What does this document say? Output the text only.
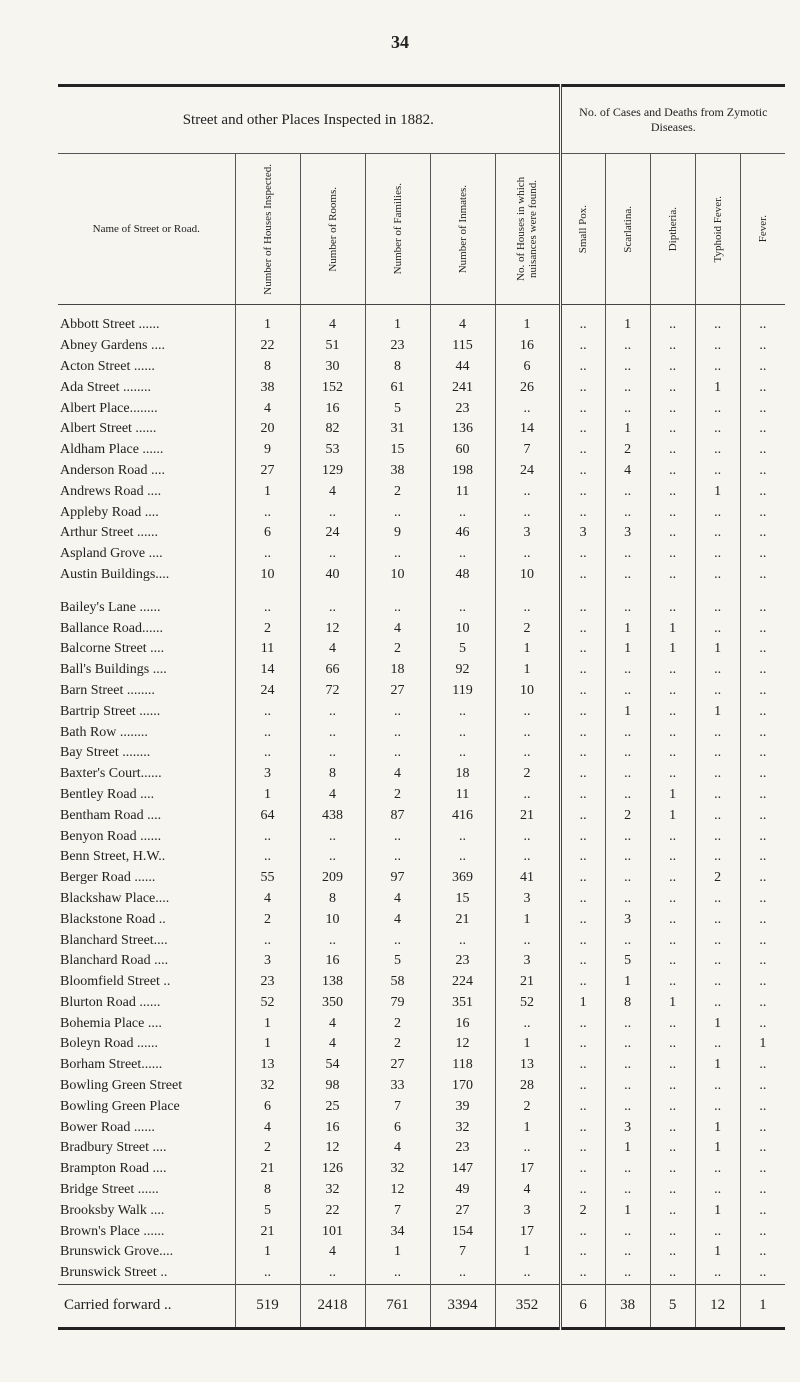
34
Street and other Places Inspected in 1882.						No. of Cases and Deaths from Zymotic Diseases.				
Name of Street or Road.	Number of Houses Inspected.	Number of Rooms.	Number of Families.	Number of Inmates.	No. of Houses in which nuisances were found.	Small Pox.	Scarlatina.	Diptheria.	Typhoid Fever.	Fever.

Abbott Street ......	1	4	1	4	1	..	1	..	..	..
Abney Gardens ....	22	51	23	115	16	..	..	..	..	..
Acton Street ......	8	30	8	44	6	..	..	..	..	..
Ada Street ........	38	152	61	241	26	..	..	..	1	..
Albert Place........	4	16	5	23	..	..	..	..	..	..
Albert Street ......	20	82	31	136	14	..	1	..	..	..
Aldham Place ......	9	53	15	60	7	..	2	..	..	..
Anderson Road ....	27	129	38	198	24	..	4	..	..	..
Andrews Road ....	1	4	2	11	..	..	..	..	1	..
Appleby Road ....	..	..	..	..	..	..	..	..	..	..
Arthur Street ......	6	24	9	46	3	3	3	..	..	..
Aspland Grove ....	..	..	..	..	..	..	..	..	..	..
Austin Buildings....	10	40	10	48	10	..	..	..	..	..
Bailey's Lane ......	..	..	..	..	..	..	..	..	..	..
Ballance Road......	2	12	4	10	2	..	1	1	..	..
Balcorne Street ....	11	4	2	5	1	..	1	1	1	..
Ball's Buildings ....	14	66	18	92	1	..	..	..	..	..
Barn Street ........	24	72	27	119	10	..	..	..	..	..
Bartrip Street ......	..	..	..	..	..	..	1	..	1	..
Bath Row ........	..	..	..	..	..	..	..	..	..	..
Bay Street ........	..	..	..	..	..	..	..	..	..	..
Baxter's Court......	3	8	4	18	2	..	..	..	..	..
Bentley Road ....	1	4	2	11	..	..	..	1	..	..
Bentham Road ....	64	438	87	416	21	..	2	1	..	..
Benyon Road ......	..	..	..	..	..	..	..	..	..	..
Benn Street, H.W..	..	..	..	..	..	..	..	..	..	..
Berger Road ......	55	209	97	369	41	..	..	..	2	..
Blackshaw Place....	4	8	4	15	3	..	..	..	..	..
Blackstone Road ..	2	10	4	21	1	..	3	..	..	..
Blanchard Street....	..	..	..	..	..	..	..	..	..	..
Blanchard Road ....	3	16	5	23	3	..	5	..	..	..
Bloomfield Street ..	23	138	58	224	21	..	1	..	..	..
Blurton Road ......	52	350	79	351	52	1	8	1	..	..
Bohemia Place ....	1	4	2	16	..	..	..	..	1	..
Boleyn Road ......	1	4	2	12	1	..	..	..	..	1
Borham Street......	13	54	27	118	13	..	..	..	1	..
Bowling Green Street	32	98	33	170	28	..	..	..	..	..
Bowling Green Place	6	25	7	39	2	..	..	..	..	..
Bower Road ......	4	16	6	32	1	..	3	..	1	..
Bradbury Street ....	2	12	4	23	..	..	1	..	1	..
Brampton Road ....	21	126	32	147	17	..	..	..	..	..
Bridge Street ......	8	32	12	49	4	..	..	..	..	..
Brooksby Walk ....	5	22	7	27	3	2	1	..	1	..
Brown's Place ......	21	101	34	154	17	..	..	..	..	..
Brunswick Grove....	1	4	1	7	1	..	..	..	1	..
Brunswick Street ..	..	..	..	..	..	..	..	..	..	..
Carried forward ..	519	2418	761	3394	352	6	38	5	12	1
